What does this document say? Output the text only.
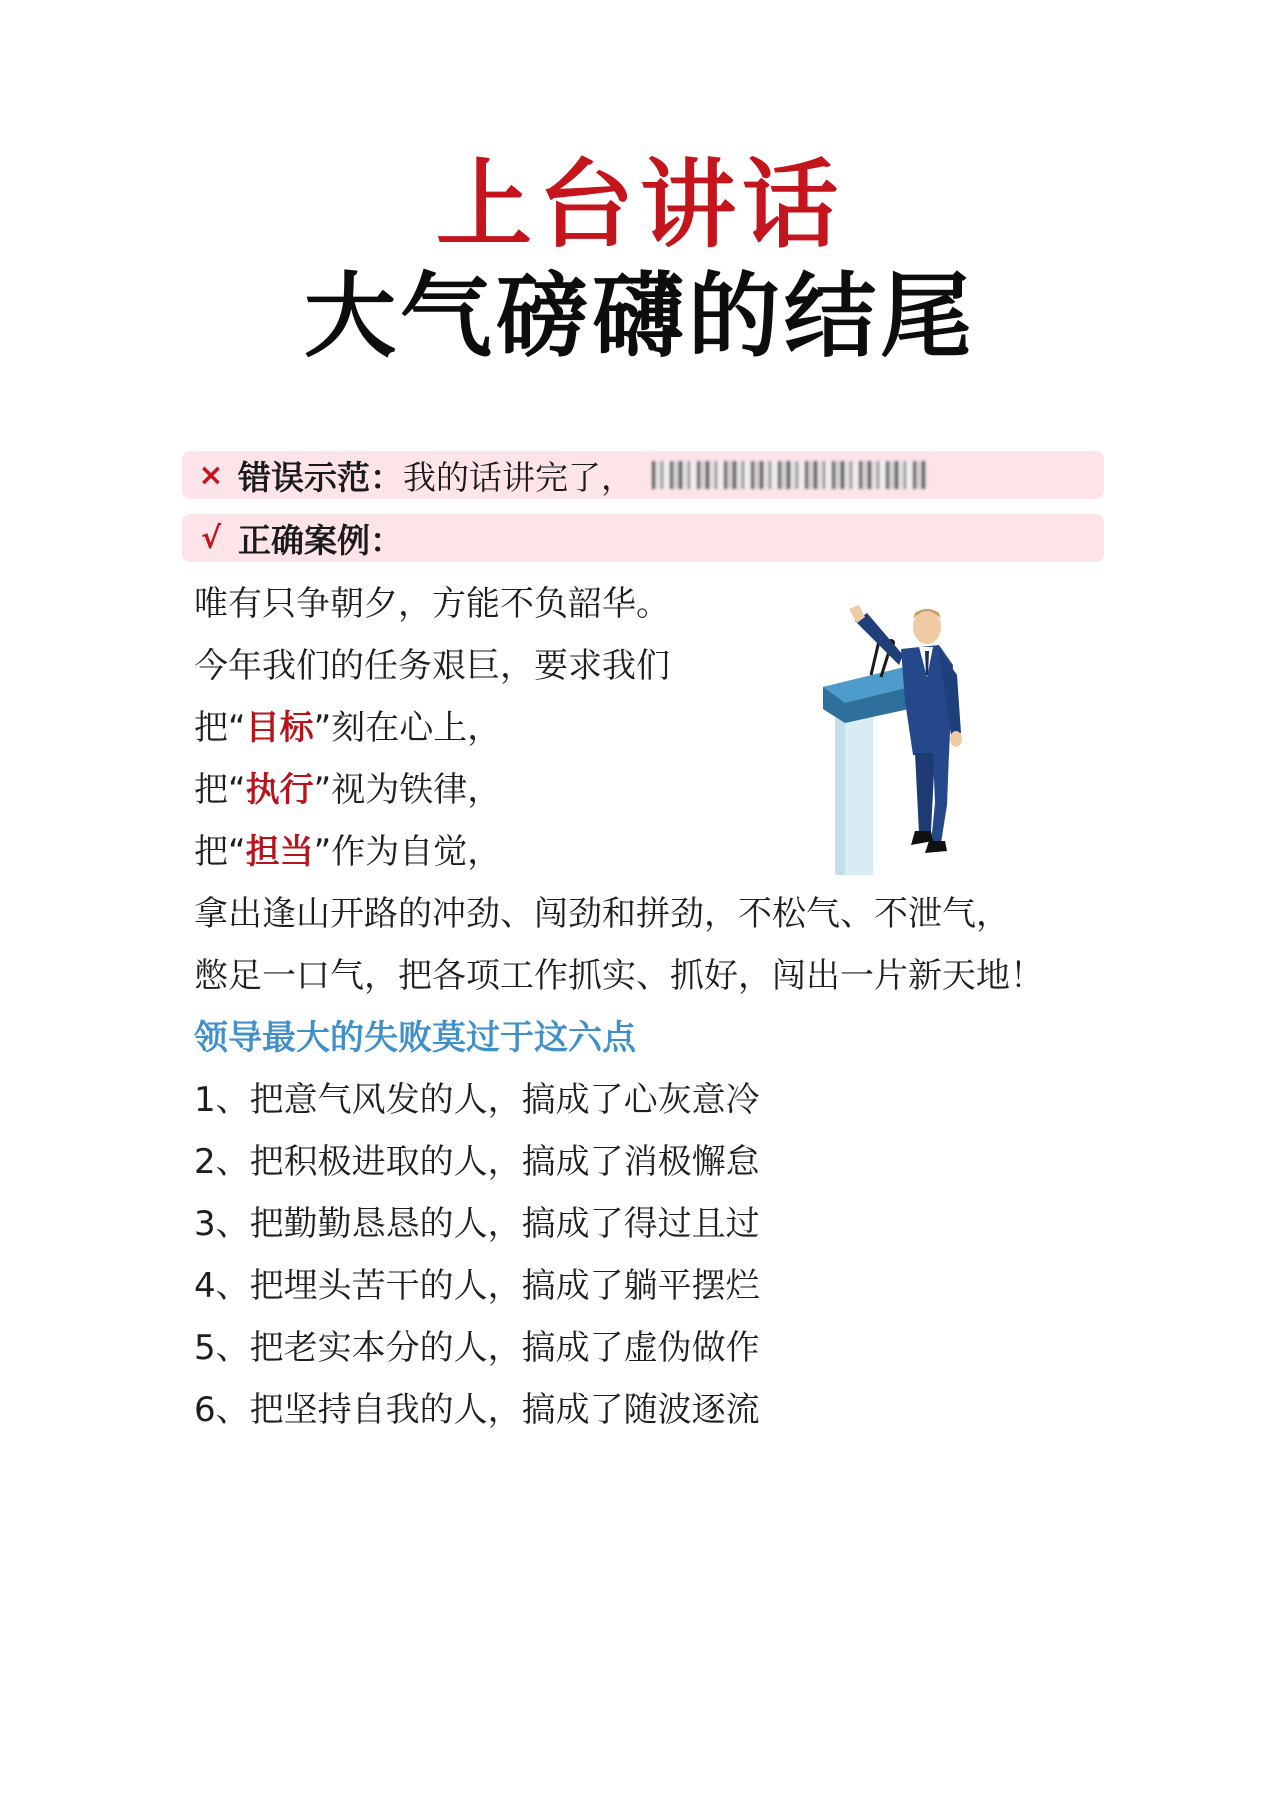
上台讲话
大气磅礴的结尾
× 错误示范： 我的话讲完了，
√ 正确案例：
唯有只争朝夕，方能不负韶华。
今年我们的任务艰巨，要求我们
把“目标”刻在心上，
把“执行”视为铁律，
把“担当”作为自觉，
拿出逢山开路的冲劲、闯劲和拼劲，不松气、不泄气，
憋足一口气，把各项工作抓实、抓好，闯出一片新天地！
领导最大的失败莫过于这六点
1、把意气风发的人，搞成了心灰意冷
2、把积极进取的人，搞成了消极懈怠
3、把勤勤恳恳的人，搞成了得过且过
4、把埋头苦干的人，搞成了躺平摆烂
5、把老实本分的人，搞成了虚伪做作
6、把坚持自我的人，搞成了随波逐流
